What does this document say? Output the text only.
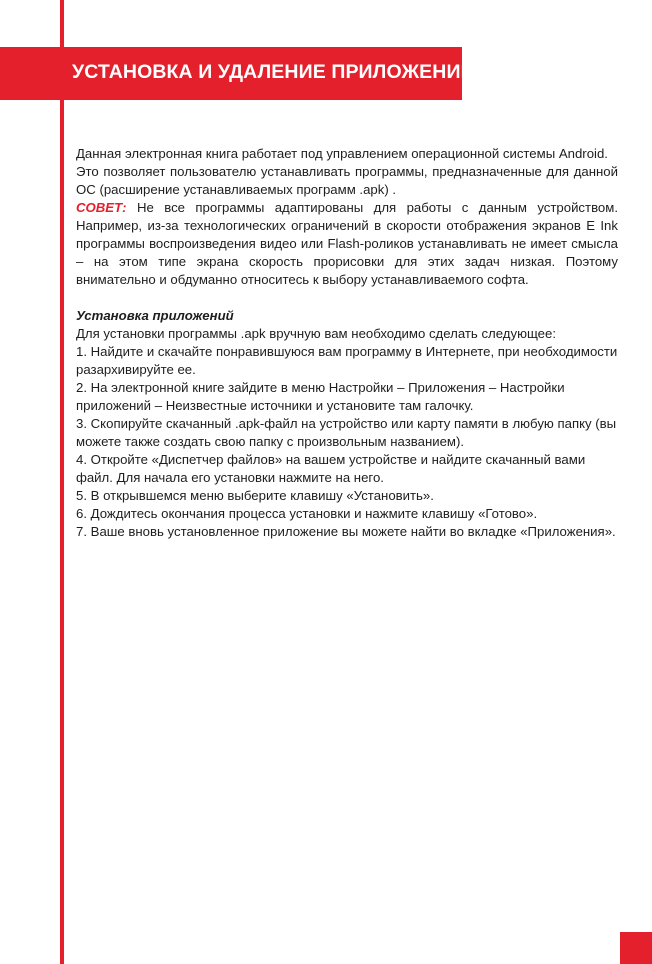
УСТАНОВКА И УДАЛЕНИЕ ПРИЛОЖЕНИЙ

Данная электронная книга работает под управлением операционной системы Android.

Это позволяет пользователю устанавливать программы, предназначенные для данной ОС (расширение устанавливаемых программ .apk) .

СОВЕТ: Не все программы адаптированы для работы с данным устройством. Например, из-за технологических ограничений в скорости отображения экранов E Ink программы воспроизведения видео или Flash-роликов устанавливать не имеет смысла – на этом типе экрана скорость прорисовки для этих задач низкая. Поэтому внимательно и обдуманно относитесь к выбору устанавливаемого софта.

Установка приложений

Для установки программы .apk вручную вам необходимо сделать следующее:

1. Найдите и скачайте понравившуюся вам программу в Интернете, при необходимости разархивируйте ее.

2. На электронной книге зайдите в меню Настройки – Приложения – Настройки приложений – Неизвестные источники и установите там галочку.

3. Скопируйте скачанный .apk-файл на устройство или карту памяти в любую папку (вы можете также создать свою папку с произвольным названием).

4. Откройте «Диспетчер файлов» на вашем устройстве и найдите скачанный вами файл. Для начала его установки нажмите на него.

5. В открывшемся меню выберите клавишу «Установить».

6. Дождитесь окончания процесса установки и нажмите клавишу «Готово».

7. Ваше вновь установленное приложение вы можете найти во вкладке «Приложения».
